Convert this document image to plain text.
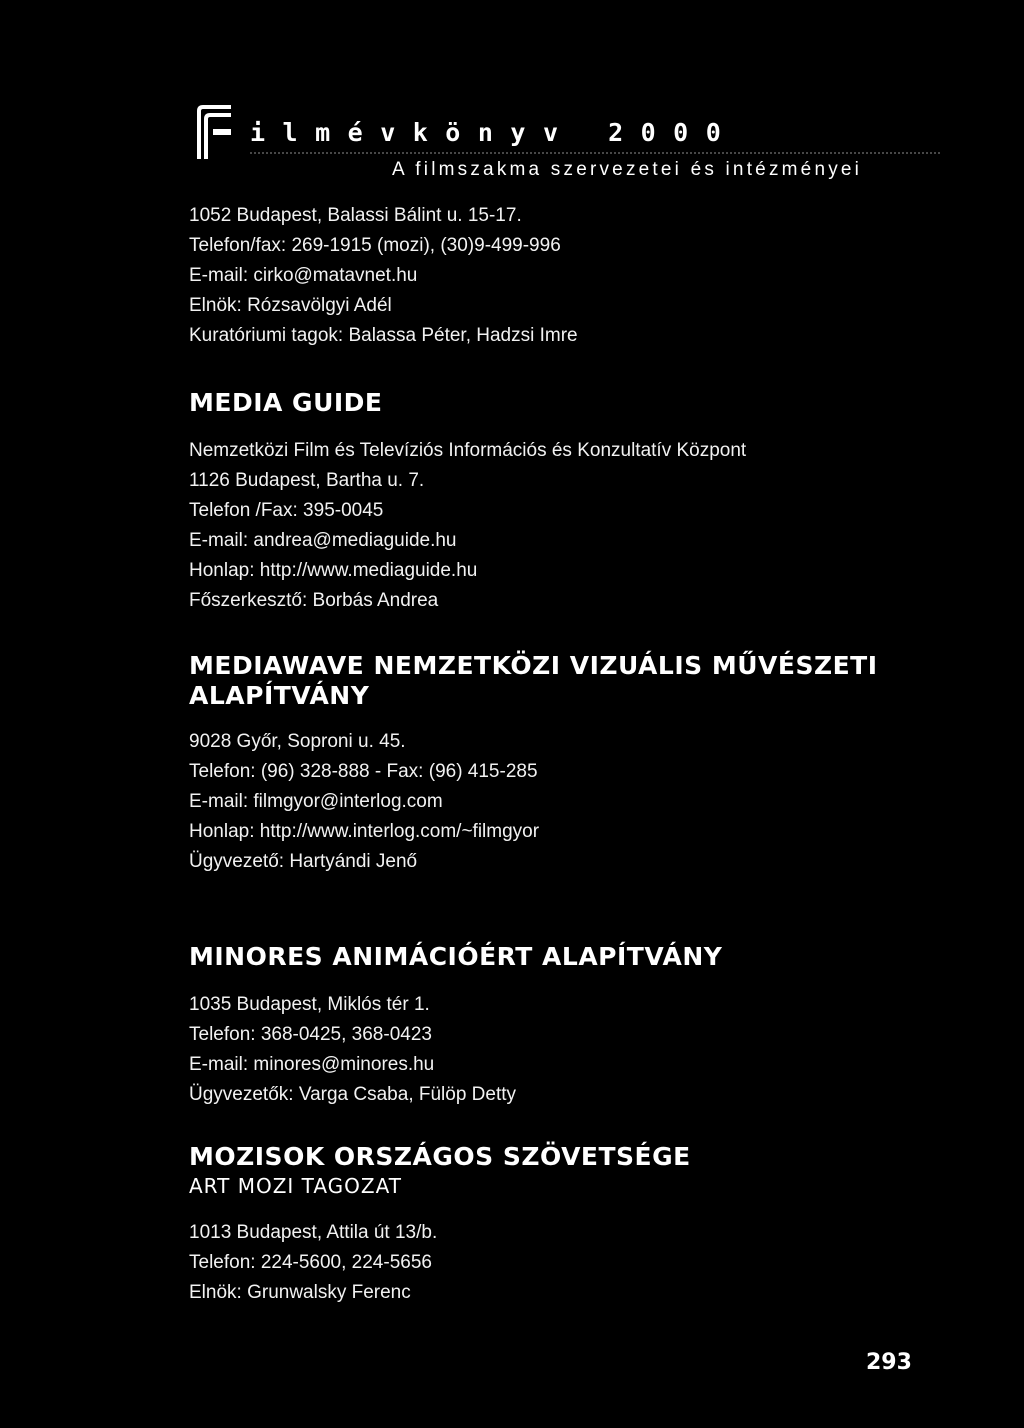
ilmévkönyv 2000
A filmszakma szervezetei és intézményei
1052 Budapest, Balassi Bálint u. 15-17.
Telefon/fax: 269-1915 (mozi), (30)9-499-996
E-mail: cirko@matavnet.hu
Elnök: Rózsavölgyi Adél
Kuratóriumi tagok: Balassa Péter, Hadzsi Imre
MEDIA GUIDE
Nemzetközi Film és Televíziós Információs és Konzultatív Központ
1126 Budapest, Bartha u. 7.
Telefon /Fax: 395-0045
E-mail: andrea@mediaguide.hu
Honlap: http://www.mediaguide.hu
Főszerkesztő: Borbás Andrea
MEDIAWAVE NEMZETKÖZI VIZUÁLIS MŰVÉSZETI
ALAPÍTVÁNY
9028 Győr, Soproni u. 45.
Telefon: (96) 328-888 - Fax: (96) 415-285
E-mail: filmgyor@interlog.com
Honlap: http://www.interlog.com/~filmgyor
Ügyvezető: Hartyándi Jenő
MINORES ANIMÁCIÓÉRT ALAPÍTVÁNY
1035 Budapest, Miklós tér 1.
Telefon: 368-0425, 368-0423
E-mail: minores@minores.hu
Ügyvezetők: Varga Csaba, Fülöp Detty
MOZISOK ORSZÁGOS SZÖVETSÉGE
ART MOZI TAGOZAT
1013 Budapest, Attila út 13/b.
Telefon: 224-5600, 224-5656
Elnök: Grunwalsky Ferenc
293
